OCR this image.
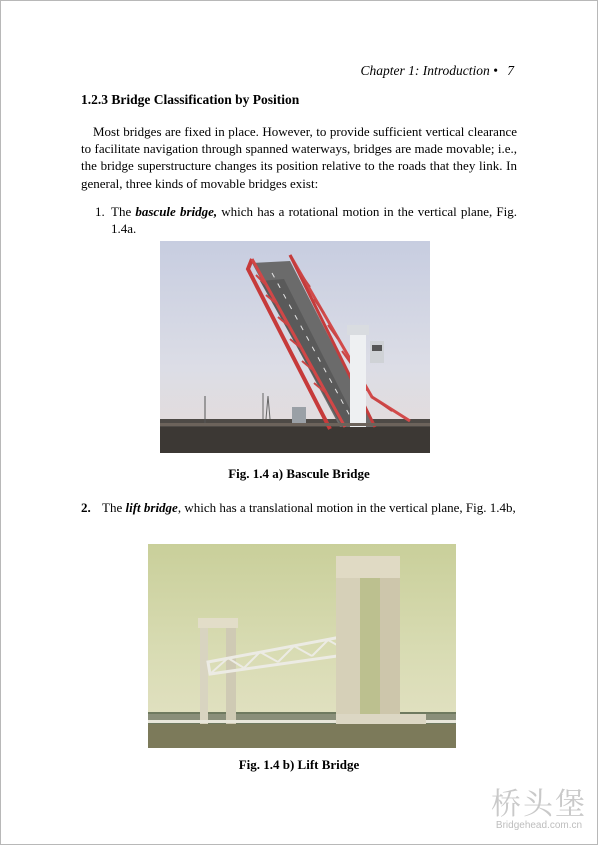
Chapter 1: Introduction • 7
1.2.3 Bridge Classification by Position
Most bridges are fixed in place. However, to provide sufficient vertical clearance to facilitate navigation through spanned waterways, bridges are made movable; i.e., the bridge superstructure changes its position relative to the roads that they link. In general, three kinds of movable bridges exist:
1. The bascule bridge, which has a rotational motion in the vertical plane, Fig. 1.4a.
Fig. 1.4 a) Bascule Bridge
2. The lift bridge, which has a translational motion in the vertical plane, Fig. 1.4b,
Fig. 1.4 b) Lift Bridge
桥头堡
Bridgehead.com.cn
